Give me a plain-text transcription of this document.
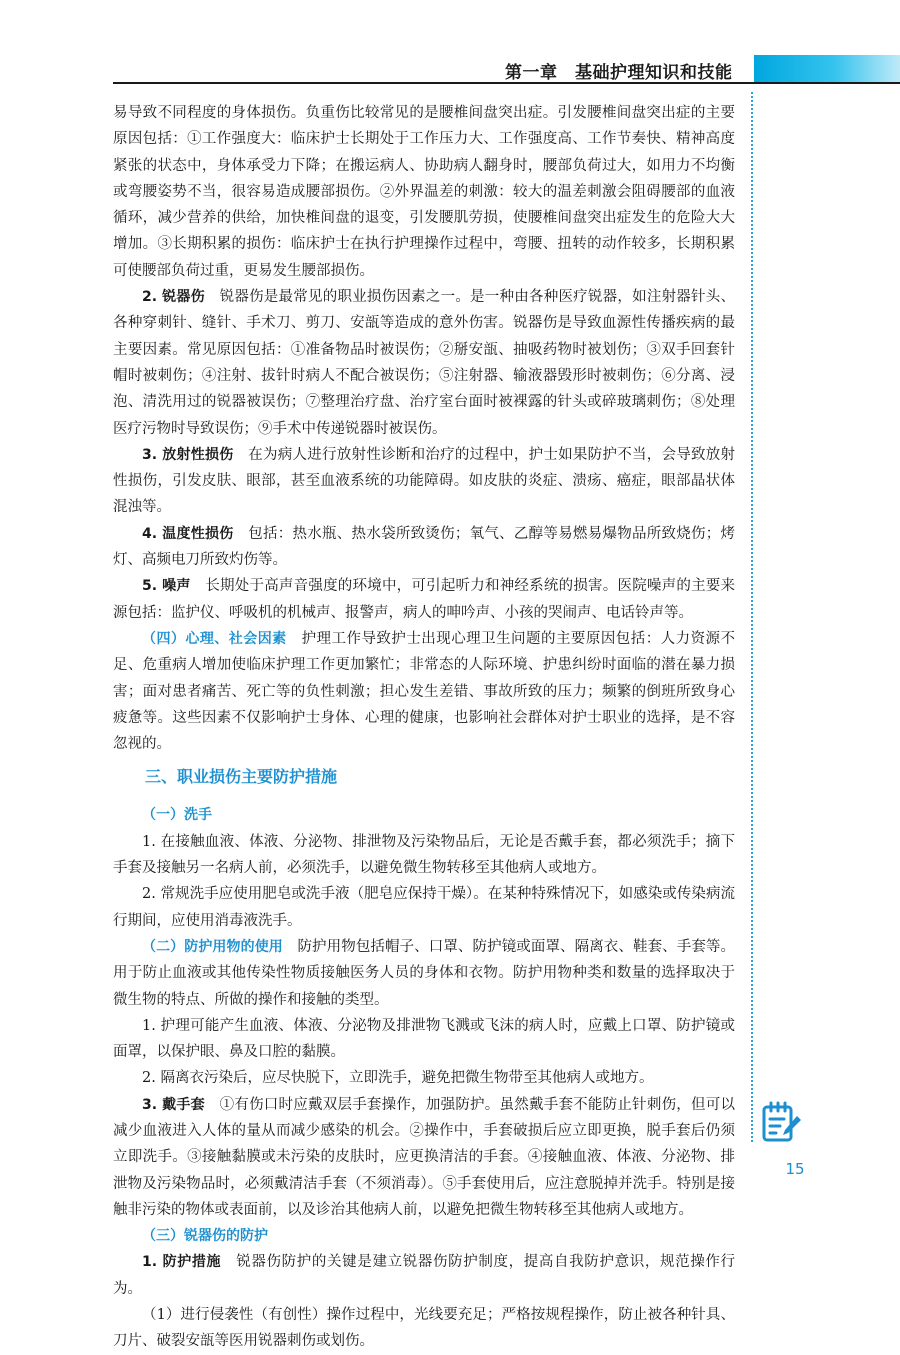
第一章　基础护理知识和技能

易导致不同程度的身体损伤。负重伤比较常见的是腰椎间盘突出症。引发腰椎间盘突出症的主要原因包括：①工作强度大：临床护士长期处于工作压力大、工作强度高、工作节奏快、精神高度紧张的状态中，身体承受力下降；在搬运病人、协助病人翻身时，腰部负荷过大，如用力不均衡或弯腰姿势不当，很容易造成腰部损伤。②外界温差的刺激：较大的温差刺激会阻碍腰部的血液循环，减少营养的供给，加快椎间盘的退变，引发腰肌劳损，使腰椎间盘突出症发生的危险大大增加。③长期积累的损伤：临床护士在执行护理操作过程中，弯腰、扭转的动作较多，长期积累可使腰部负荷过重，更易发生腰部损伤。

2. 锐器伤　 锐器伤是最常见的职业损伤因素之一。是一种由各种医疗锐器，如注射器针头、各种穿刺针、缝针、手术刀、剪刀、安瓿等造成的意外伤害。锐器伤是导致血源性传播疾病的最主要因素。常见原因包括：①准备物品时被误伤；②掰安瓿、抽吸药物时被划伤；③双手回套针帽时被刺伤；④注射、拔针时病人不配合被误伤；⑤注射器、输液器毁形时被刺伤；⑥分离、浸泡、清洗用过的锐器被误伤；⑦整理治疗盘、治疗室台面时被裸露的针头或碎玻璃刺伤；⑧处理医疗污物时导致误伤；⑨手术中传递锐器时被误伤。

3. 放射性损伤　 在为病人进行放射性诊断和治疗的过程中，护士如果防护不当，会导致放射性损伤，引发皮肤、眼部，甚至血液系统的功能障碍。如皮肤的炎症、溃疡、癌症，眼部晶状体混浊等。

4. 温度性损伤　 包括：热水瓶、热水袋所致烫伤；氧气、乙醇等易燃易爆物品所致烧伤；烤灯、高频电刀所致灼伤等。

5. 噪声　 长期处于高声音强度的环境中，可引起听力和神经系统的损害。医院噪声的主要来源包括：监护仪、呼吸机的机械声、报警声，病人的呻吟声、小孩的哭闹声、电话铃声等。

（四）心理、社会因素　 护理工作导致护士出现心理卫生问题的主要原因包括：人力资源不足、危重病人增加使临床护理工作更加繁忙；非常态的人际环境、护患纠纷时面临的潜在暴力损害；面对患者痛苦、死亡等的负性刺激；担心发生差错、事故所致的压力；频繁的倒班所致身心疲惫等。这些因素不仅影响护士身体、心理的健康，也影响社会群体对护士职业的选择，是不容忽视的。

三、职业损伤主要防护措施

（一）洗手

1. 在接触血液、体液、分泌物、排泄物及污染物品后，无论是否戴手套，都必须洗手；摘下手套及接触另一名病人前，必须洗手，以避免微生物转移至其他病人或地方。

2. 常规洗手应使用肥皂或洗手液（肥皂应保持干燥）。在某种特殊情况下，如感染或传染病流行期间，应使用消毒液洗手。

（二）防护用物的使用　 防护用物包括帽子、口罩、防护镜或面罩、隔离衣、鞋套、手套等。用于防止血液或其他传染性物质接触医务人员的身体和衣物。防护用物种类和数量的选择取决于微生物的特点、所做的操作和接触的类型。

1. 护理可能产生血液、体液、分泌物及排泄物飞溅或飞沫的病人时，应戴上口罩、防护镜或面罩，以保护眼、鼻及口腔的黏膜。

2. 隔离衣污染后，应尽快脱下，立即洗手，避免把微生物带至其他病人或地方。

3. 戴手套　 ①有伤口时应戴双层手套操作，加强防护。虽然戴手套不能防止针刺伤，但可以减少血液进入人体的量从而减少感染的机会。②操作中，手套破损后应立即更换，脱手套后仍须立即洗手。③接触黏膜或未污染的皮肤时，应更换清洁的手套。④接触血液、体液、分泌物、排泄物及污染物品时，必须戴清洁手套（不须消毒）。⑤手套使用后，应注意脱掉并洗手。特别是接触非污染的物体或表面前，以及诊治其他病人前，以避免把微生物转移至其他病人或地方。

（三）锐器伤的防护

1. 防护措施　 锐器伤防护的关键是建立锐器伤防护制度，提高自我防护意识，规范操作行为。

（1）进行侵袭性（有创性）操作过程中，光线要充足；严格按规程操作，防止被各种针具、刀片、破裂安瓿等医用锐器刺伤或划伤。

15
